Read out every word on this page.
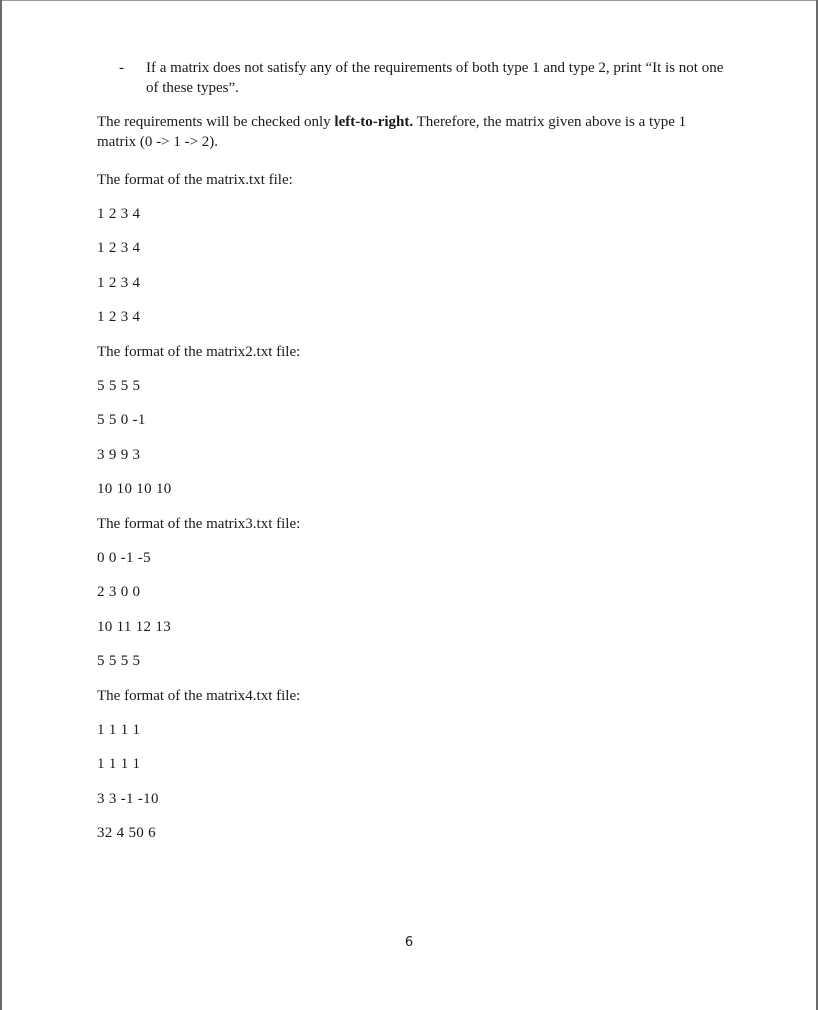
-	If a matrix does not satisfy any of the requirements of both type 1 and type 2, print “It is not one of these types”.
The requirements will be checked only left-to-right. Therefore, the matrix given above is a type 1 matrix (0 -> 1 -> 2).
The format of the matrix.txt file:
1 2 3 4
1 2 3 4
1 2 3 4
1 2 3 4
The format of the matrix2.txt file:
5 5 5 5
5 5 0 -1
3 9 9 3
10 10 10 10
The format of the matrix3.txt file:
0 0 -1 -5
2 3 0 0
10 11 12 13
5 5 5 5
The format of the matrix4.txt file:
1 1 1 1
1 1 1 1
3 3 -1 -10
32 4 50 6
6
